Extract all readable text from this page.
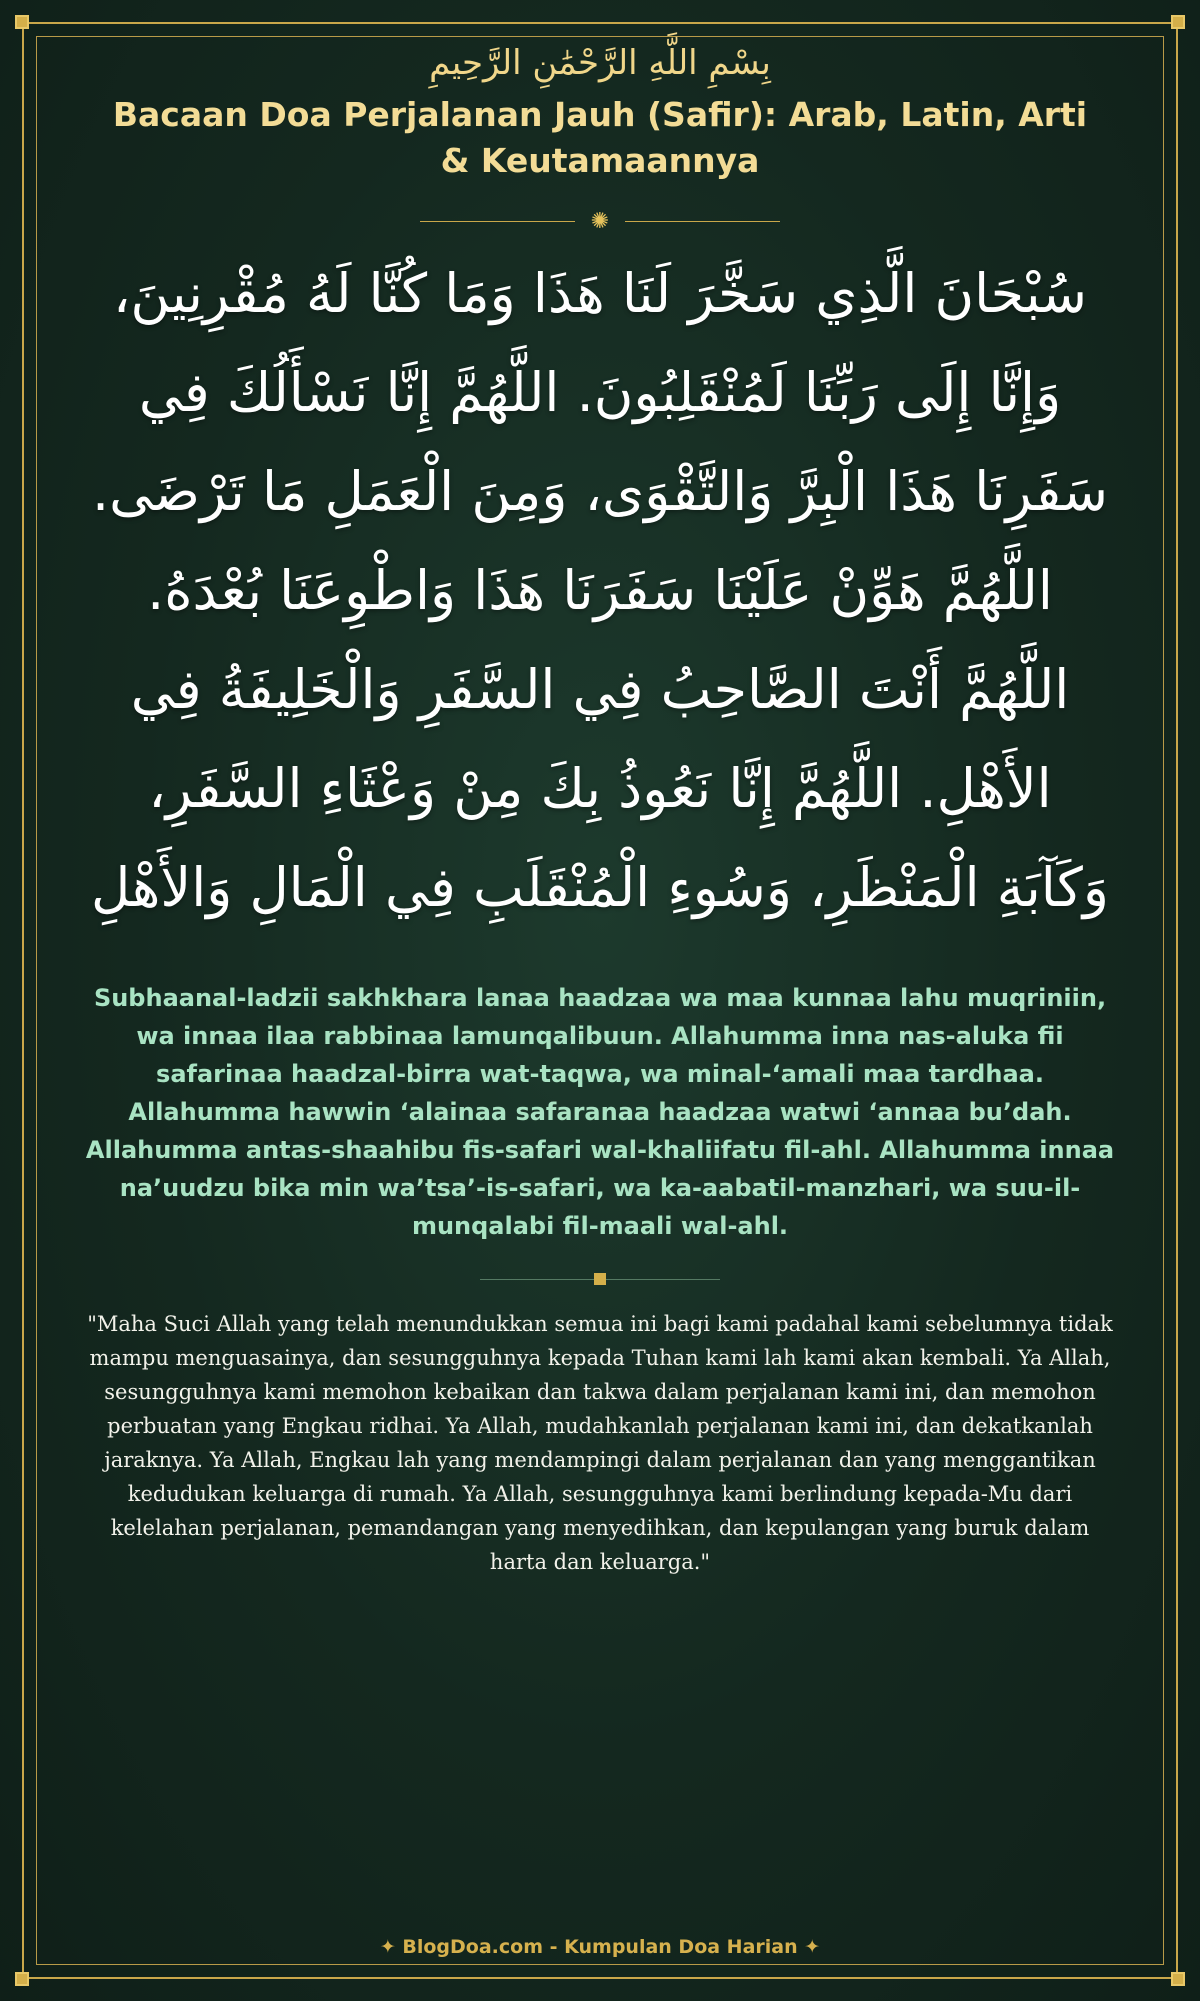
بِسْمِ اللَّهِ الرَّحْمَٰنِ الرَّحِيمِ

Bacaan Doa Perjalanan Jauh (Safir): Arab, Latin, Arti & Keutamaannya
✺

سُبْحَانَ الَّذِي سَخَّرَ لَنَا هَذَا وَمَا كُنَّا لَهُ مُقْرِنِينَ، وَإِنَّا إِلَى رَبِّنَا لَمُنْقَلِبُونَ. اللَّهُمَّ إِنَّا نَسْأَلُكَ فِي سَفَرِنَا هَذَا الْبِرَّ وَالتَّقْوَى، وَمِنَ الْعَمَلِ مَا تَرْضَى. اللَّهُمَّ هَوِّنْ عَلَيْنَا سَفَرَنَا هَذَا وَاطْوِعَنَا بُعْدَهُ. اللَّهُمَّ أَنْتَ الصَّاحِبُ فِي السَّفَرِ وَالْخَلِيفَةُ فِي الأَهْلِ. اللَّهُمَّ إِنَّا نَعُوذُ بِكَ مِنْ وَعْثَاءِ السَّفَرِ، وَكَآبَةِ الْمَنْظَرِ، وَسُوءِ الْمُنْقَلَبِ فِي الْمَالِ وَالأَهْلِ

Subhaanal-ladzii sakhkhara lanaa haadzaa wa maa kunnaa lahu muqriniin, wa innaa ilaa rabbinaa lamunqalibuun. Allahumma inna nas-aluka fii safarinaa haadzal-birra wat-taqwa, wa minal-‘amali maa tardhaa. Allahumma hawwin ‘alainaa safaranaa haadzaa watwi ‘annaa bu’dah. Allahumma antas-shaahibu fis-safari wal-khaliifatu fil-ahl. Allahumma innaa na’uudzu bika min wa’tsa’-is-safari, wa ka-aabatil-manzhari, wa suu-il-munqalabi fil-maali wal-ahl.

"Maha Suci Allah yang telah menundukkan semua ini bagi kami padahal kami sebelumnya tidak mampu menguasainya, dan sesungguhnya kepada Tuhan kami lah kami akan kembali. Ya Allah, sesungguhnya kami memohon kebaikan dan takwa dalam perjalanan kami ini, dan memohon perbuatan yang Engkau ridhai. Ya Allah, mudahkanlah perjalanan kami ini, dan dekatkanlah jaraknya. Ya Allah, Engkau lah yang mendampingi dalam perjalanan dan yang menggantikan kedudukan keluarga di rumah. Ya Allah, sesungguhnya kami berlindung kepada-Mu dari kelelahan perjalanan, pemandangan yang menyedihkan, dan kepulangan yang buruk dalam harta dan keluarga."

✦ BlogDoa.com - Kumpulan Doa Harian ✦
